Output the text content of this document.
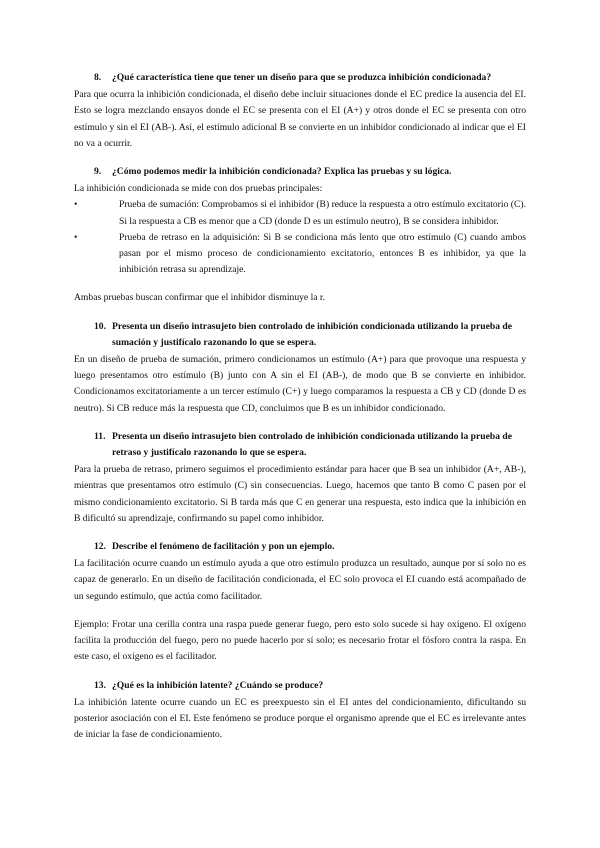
8. ¿Qué característica tiene que tener un diseño para que se produzca inhibición condicionada?

Para que ocurra la inhibición condicionada, el diseño debe incluir situaciones donde el EC predice la ausencia del EI. Esto se logra mezclando ensayos donde el EC se presenta con el EI (A+) y otros donde el EC se presenta con otro estímulo y sin el EI (AB-). Así, el estímulo adicional B se convierte en un inhibidor condicionado al indicar que el EI no va a ocurrir.

9. ¿Cómo podemos medir la inhibición condicionada? Explica las pruebas y su lógica.

La inhibición condicionada se mide con dos pruebas principales:

•	Prueba de sumación: Comprobamos si el inhibidor (B) reduce la respuesta a otro estímulo excitatorio (C). Si la respuesta a CB es menor que a CD (donde D es un estímulo neutro), B se considera inhibidor.
•	Prueba de retraso en la adquisición: Si B se condiciona más lento que otro estímulo (C) cuando ambos pasan por el mismo proceso de condicionamiento excitatorio, entonces B es inhibidor, ya que la inhibición retrasa su aprendizaje.

Ambas pruebas buscan confirmar que el inhibidor disminuye la r.

10. Presenta un diseño intrasujeto bien controlado de inhibición condicionada utilizando la prueba de sumación y justifícalo razonando lo que se espera.

En un diseño de prueba de sumación, primero condicionamos un estímulo (A+) para que provoque una respuesta y luego presentamos otro estímulo (B) junto con A sin el EI (AB-), de modo que B se convierte en inhibidor. Condicionamos excitatoriamente a un tercer estímulo (C+) y luego comparamos la respuesta a CB y CD (donde D es neutro). Si CB reduce más la respuesta que CD, concluimos que B es un inhibidor condicionado.

11. Presenta un diseño intrasujeto bien controlado de inhibición condicionada utilizando la prueba de retraso y justifícalo razonando lo que se espera.

Para la prueba de retraso, primero seguimos el procedimiento estándar para hacer que B sea un inhibidor (A+, AB-), mientras que presentamos otro estímulo (C) sin consecuencias. Luego, hacemos que tanto B como C pasen por el mismo condicionamiento excitatorio. Si B tarda más que C en generar una respuesta, esto indica que la inhibición en B dificultó su aprendizaje, confirmando su papel como inhibidor.

12. Describe el fenómeno de facilitación y pon un ejemplo.

La facilitación ocurre cuando un estímulo ayuda a que otro estímulo produzca un resultado, aunque por sí solo no es capaz de generarlo. En un diseño de facilitación condicionada, el EC solo provoca el EI cuando está acompañado de un segundo estímulo, que actúa como facilitador.

Ejemplo: Frotar una cerilla contra una raspa puede generar fuego, pero esto solo sucede si hay oxígeno. El oxígeno facilita la producción del fuego, pero no puede hacerlo por sí solo; es necesario frotar el fósforo contra la raspa. En este caso, el oxígeno es el facilitador.

13. ¿Qué es la inhibición latente? ¿Cuándo se produce?

La inhibición latente ocurre cuando un EC es preexpuesto sin el EI antes del condicionamiento, dificultando su posterior asociación con el EI. Este fenómeno se produce porque el organismo aprende que el EC es irrelevante antes de iniciar la fase de condicionamiento.
